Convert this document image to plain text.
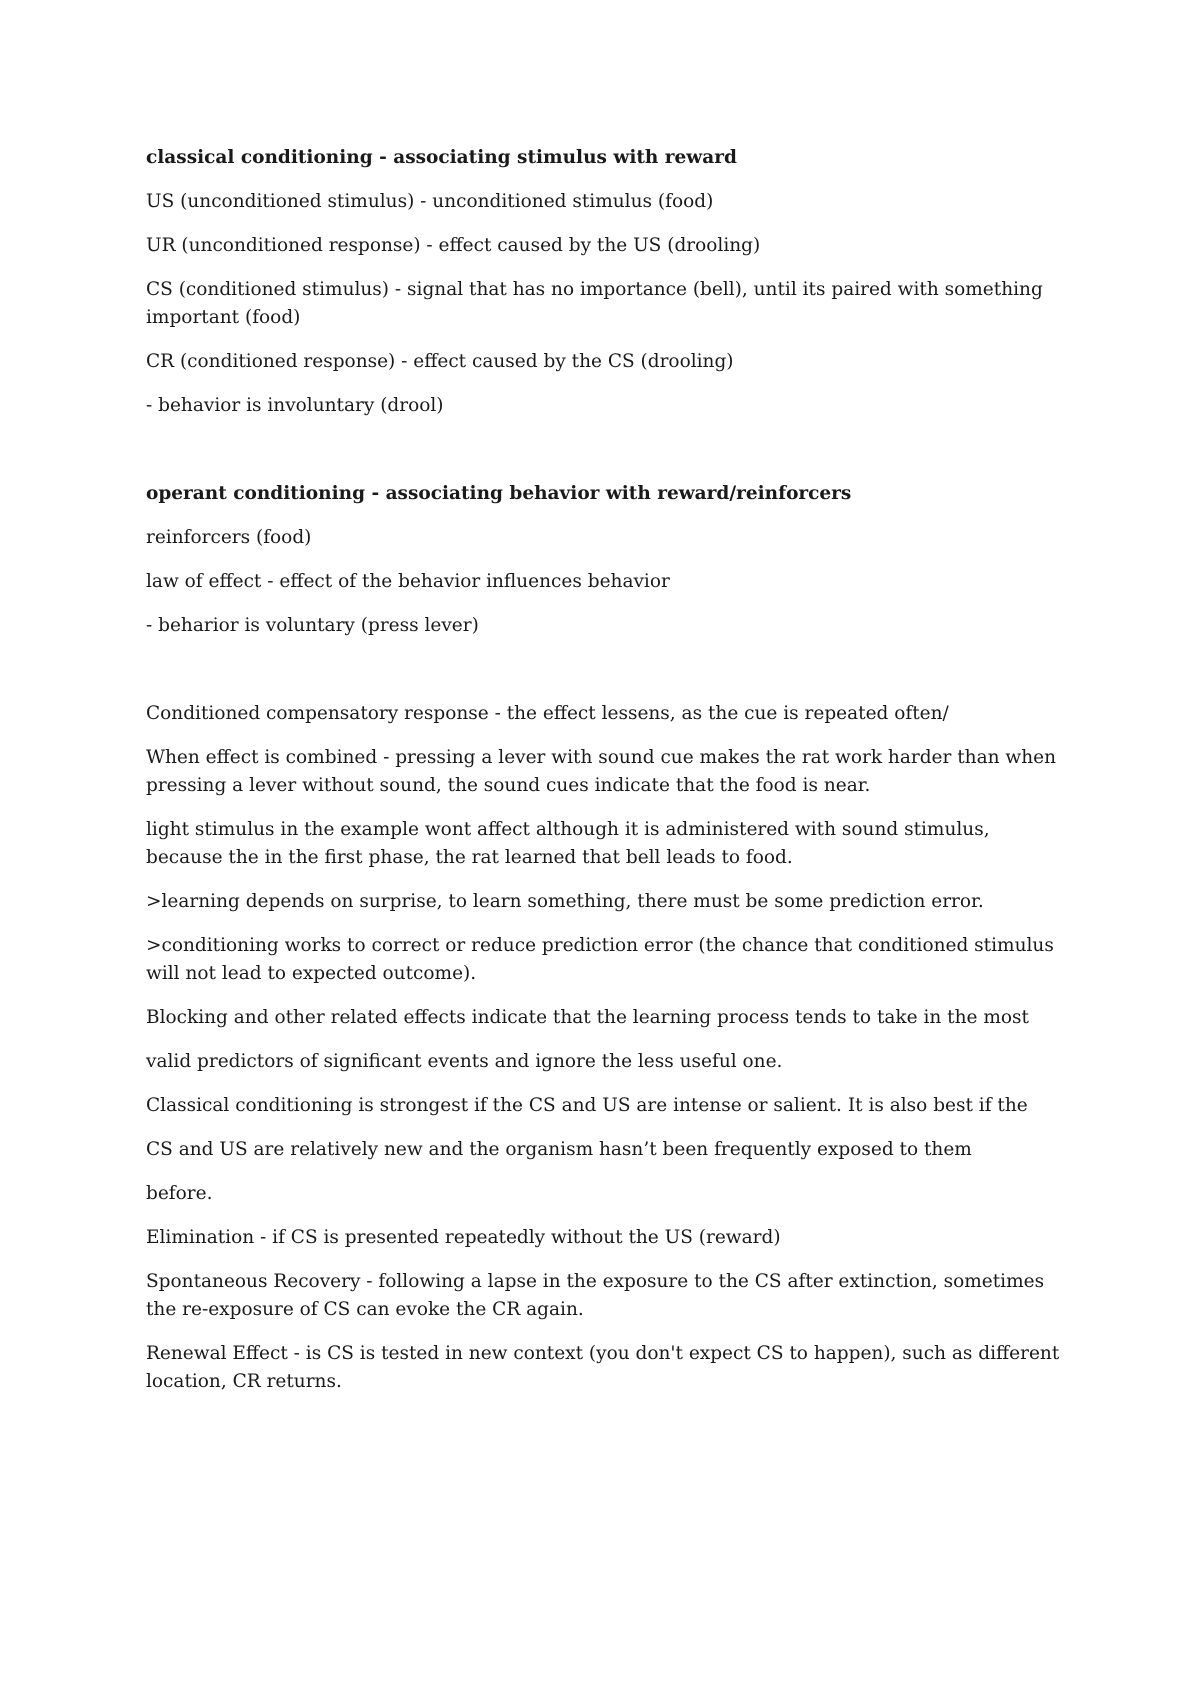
classical conditioning - associating stimulus with reward

US (unconditioned stimulus) - unconditioned stimulus (food)

UR (unconditioned response) - effect caused by the US (drooling)

CS (conditioned stimulus) - signal that has no importance (bell), until its paired with something important (food)

CR (conditioned response) - effect caused by the CS (drooling)

- behavior is involuntary (drool)

operant conditioning - associating behavior with reward/reinforcers

reinforcers (food)

law of effect - effect of the behavior influences behavior

- beharior is voluntary (press lever)

Conditioned compensatory response - the effect lessens, as the cue is repeated often/

When effect is combined - pressing a lever with sound cue makes the rat work harder than when pressing a lever without sound, the sound cues indicate that the food is near.

light stimulus in the example wont affect although it is administered with sound stimulus, because the in the first phase, the rat learned that bell leads to food.

>learning depends on surprise, to learn something, there must be some prediction error.

>conditioning works to correct or reduce prediction error (the chance that conditioned stimulus will not lead to expected outcome).

Blocking and other related effects indicate that the learning process tends to take in the most

valid predictors of significant events and ignore the less useful one.

Classical conditioning is strongest if the CS and US are intense or salient. It is also best if the

CS and US are relatively new and the organism hasn’t been frequently exposed to them

before.

Elimination - if CS is presented repeatedly without the US (reward)

Spontaneous Recovery - following a lapse in the exposure to the CS after extinction, sometimes the re-exposure of CS can evoke the CR again.

Renewal Effect - is CS is tested in new context (you don't expect CS to happen), such as different location, CR returns.
